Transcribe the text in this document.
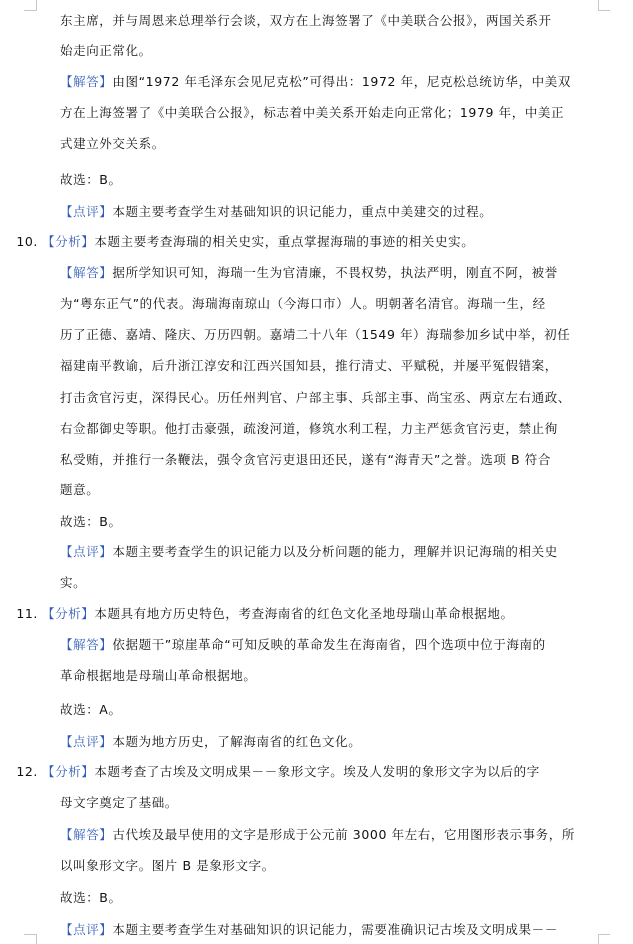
东主席，并与周恩来总理举行会谈，双方在上海签署了《中美联合公报》，两国关系开
始走向正常化。
【解答】由图“1972 年毛泽东会见尼克松”可得出：1972 年，尼克松总统访华，中美双
方在上海签署了《中美联合公报》，标志着中美关系开始走向正常化；1979 年，中美正
式建立外交关系。
故选：B。
【点评】本题主要考查学生对基础知识的识记能力，重点中美建交的过程。
10. 【分析】本题主要考查海瑞的相关史实，重点掌握海瑞的事迹的相关史实。
【解答】据所学知识可知，海瑞一生为官清廉，不畏权势，执法严明，刚直不阿，被誉
为“粤东正气”的代表。海瑞海南琼山（今海口市）人。明朝著名清官。海瑞一生，经
历了正德、嘉靖、隆庆、万历四朝。嘉靖二十八年（1549 年）海瑞参加乡试中举，初任
福建南平教谕，后升浙江淳安和江西兴国知县，推行清丈、平赋税，并屡平冤假错案，
打击贪官污吏，深得民心。历任州判官、户部主事、兵部主事、尚宝丞、两京左右通政、
右佥都御史等职。他打击豪强，疏浚河道，修筑水利工程，力主严惩贪官污吏，禁止徇
私受贿，并推行一条鞭法，强令贪官污吏退田还民，遂有“海青天”之誉。选项 B 符合
题意。
故选：B。
【点评】本题主要考查学生的识记能力以及分析问题的能力，理解并识记海瑞的相关史
实。
11. 【分析】本题具有地方历史特色，考查海南省的红色文化圣地母瑞山革命根据地。
【解答】依据题干”琼崖革命“可知反映的革命发生在海南省，四个选项中位于海南的
革命根据地是母瑞山革命根据地。
故选：A。
【点评】本题为地方历史，了解海南省的红色文化。
12. 【分析】本题考查了古埃及文明成果－－象形文字。埃及人发明的象形文字为以后的字
母文字奠定了基础。
【解答】古代埃及最早使用的文字是形成于公元前 3000 年左右，它用图形表示事务，所
以叫象形文字。图片 B 是象形文字。
故选：B。
【点评】本题主要考查学生对基础知识的识记能力，需要准确识记古埃及文明成果－－
